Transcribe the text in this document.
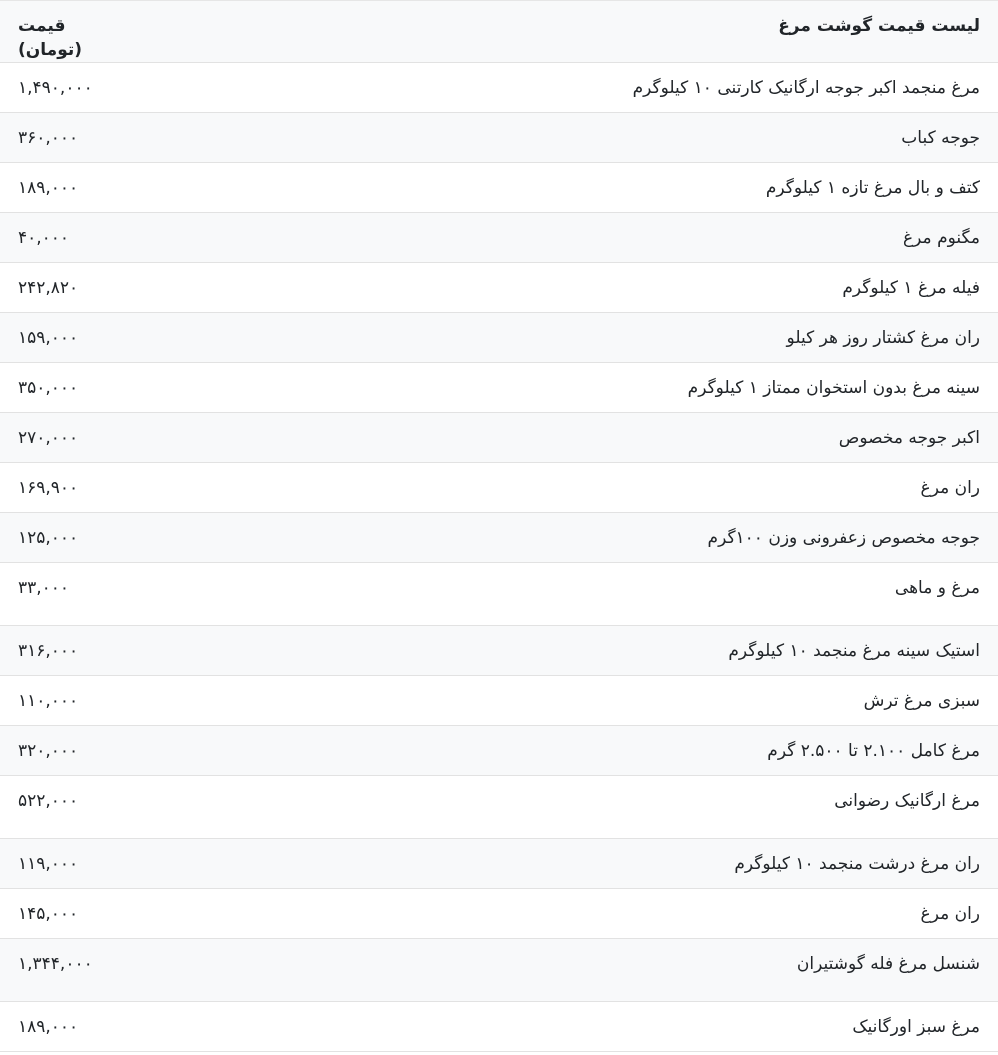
لیست قیمت گوشت مرغ	قیمت (تومان)
مرغ منجمد اکبر جوجه ارگانیک کارتنی ۱۰ کیلوگرم	۱,۴۹۰,۰۰۰
جوجه کباب	۳۶۰,۰۰۰
کتف و بال مرغ تازه ۱ کیلوگرم	۱۸۹,۰۰۰
مگنوم مرغ	۴۰,۰۰۰
فیله مرغ ۱ کیلوگرم	۲۴۲,۸۲۰
ران مرغ کشتار روز هر کیلو	۱۵۹,۰۰۰
سینه مرغ بدون استخوان ممتاز ۱ کیلوگرم	۳۵۰,۰۰۰
اکبر جوجه مخصوص	۲۷۰,۰۰۰
ران مرغ	۱۶۹,۹۰۰
جوجه مخصوص زعفرونی وزن ۱۰۰گرم	۱۲۵,۰۰۰
مرغ و ماهی	۳۳,۰۰۰
استیک سینه مرغ منجمد ۱۰ کیلوگرم	۳۱۶,۰۰۰
سبزی مرغ ترش	۱۱۰,۰۰۰
مرغ کامل ۲.۱۰۰ تا ۲.۵۰۰ گرم	۳۲۰,۰۰۰
مرغ ارگانیک رضوانی	۵۲۲,۰۰۰
ران مرغ درشت منجمد ۱۰ کیلوگرم	۱۱۹,۰۰۰
ران مرغ	۱۴۵,۰۰۰
شنسل مرغ فله گوشتیران	۱,۳۴۴,۰۰۰
مرغ سبز اورگانیک	۱۸۹,۰۰۰
